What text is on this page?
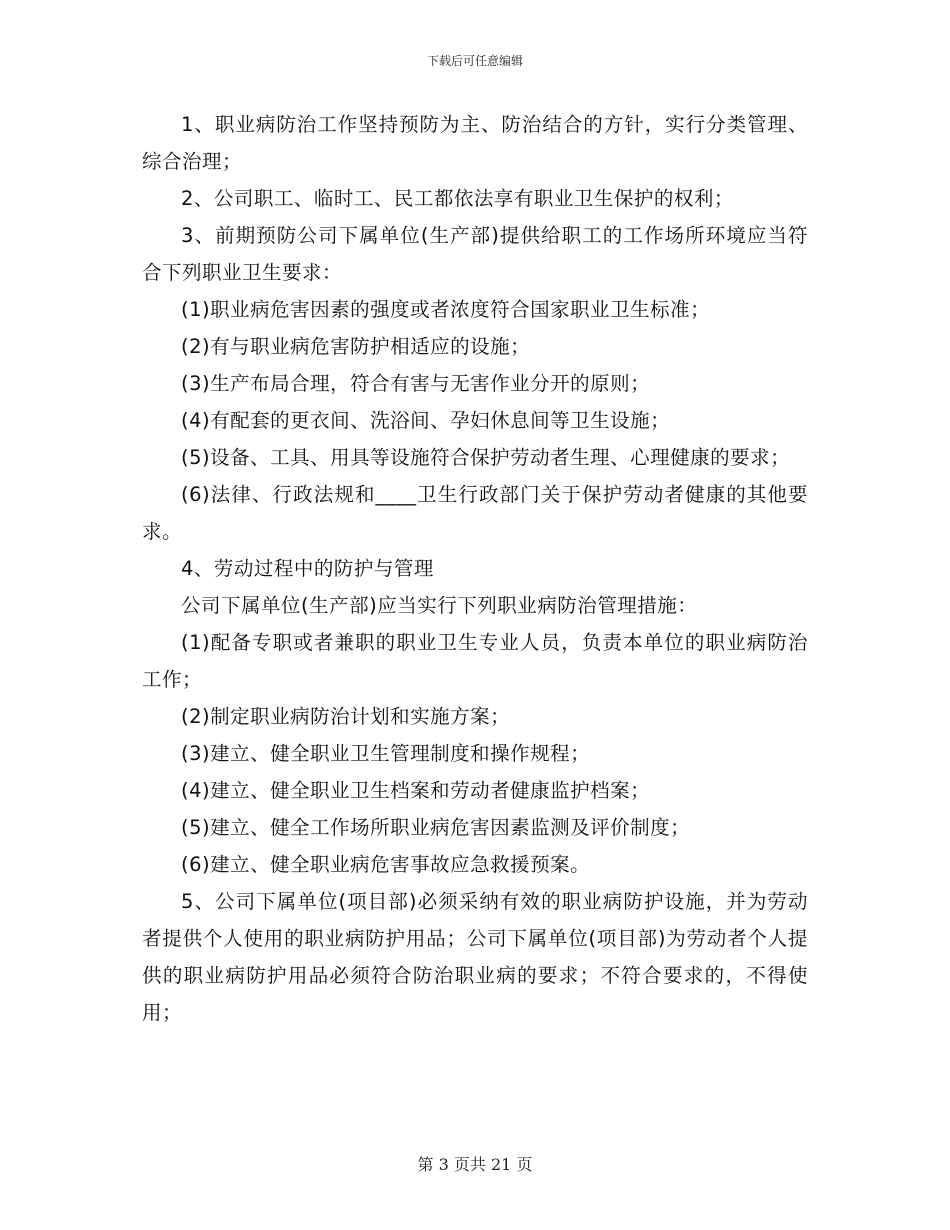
下载后可任意编辑

1、职业病防治工作坚持预防为主、防治结合的方针，实行分类管理、综合治理；

2、公司职工、临时工、民工都依法享有职业卫生保护的权利；

3、前期预防公司下属单位(生产部)提供给职工的工作场所环境应当符合下列职业卫生要求：

(1)职业病危害因素的强度或者浓度符合国家职业卫生标准；

(2)有与职业病危害防护相适应的设施；

(3)生产布局合理，符合有害与无害作业分开的原则；

(4)有配套的更衣间、洗浴间、孕妇休息间等卫生设施；

(5)设备、工具、用具等设施符合保护劳动者生理、心理健康的要求；

(6)法律、行政法规和____卫生行政部门关于保护劳动者健康的其他要求。

4、劳动过程中的防护与管理

公司下属单位(生产部)应当实行下列职业病防治管理措施：

(1)配备专职或者兼职的职业卫生专业人员，负责本单位的职业病防治工作；

(2)制定职业病防治计划和实施方案；

(3)建立、健全职业卫生管理制度和操作规程；

(4)建立、健全职业卫生档案和劳动者健康监护档案；

(5)建立、健全工作场所职业病危害因素监测及评价制度；

(6)建立、健全职业病危害事故应急救援预案。

5、公司下属单位(项目部)必须采纳有效的职业病防护设施，并为劳动者提供个人使用的职业病防护用品；公司下属单位(项目部)为劳动者个人提供的职业病防护用品必须符合防治职业病的要求；不符合要求的，不得使用；

第 3 页共 21 页
